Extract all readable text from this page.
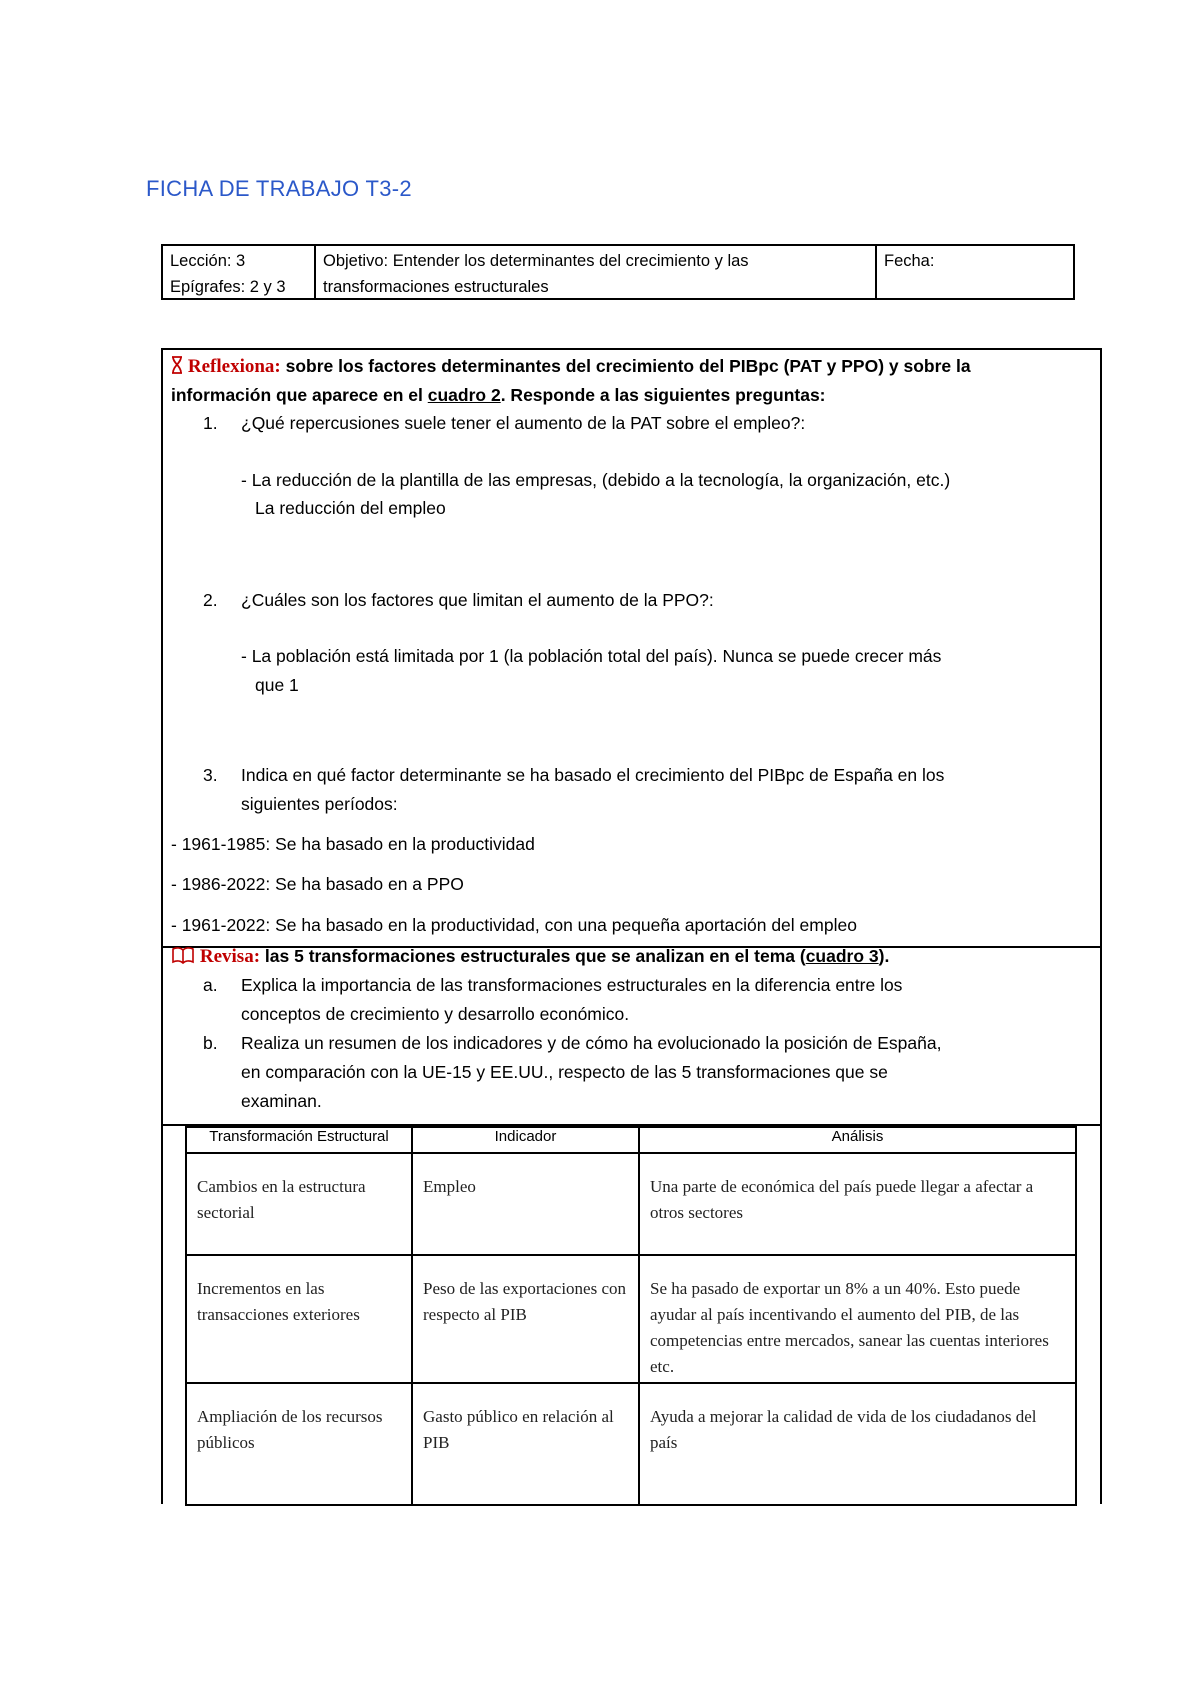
FICHA DE TRABAJO T3-2
Lección: 3
Epígrafes: 2 y 3
Objetivo: Entender los determinantes del crecimiento y las
transformaciones estructurales
Fecha:
Reflexiona: sobre los factores determinantes del crecimiento del PIBpc (PAT y PPO) y sobre la
información que aparece en el cuadro 2. Responde a las siguientes preguntas:
1. ¿Qué repercusiones suele tener el aumento de la PAT sobre el empleo?:
- La reducción de la plantilla de las empresas, (debido a la tecnología, la organización, etc.)
La reducción del empleo
2. ¿Cuáles son los factores que limitan el aumento de la PPO?:
- La población está limitada por 1 (la población total del país). Nunca se puede crecer más
que 1
3. Indica en qué factor determinante se ha basado el crecimiento del PIBpc de España en los
siguientes períodos:
- 1961-1985: Se ha basado en la productividad
- 1986-2022: Se ha basado en a PPO
- 1961-2022: Se ha basado en la productividad, con una pequeña aportación del empleo
Revisa: las 5 transformaciones estructurales que se analizan en el tema (cuadro 3).
a. Explica la importancia de las transformaciones estructurales en la diferencia entre los
conceptos de crecimiento y desarrollo económico.
b. Realiza un resumen de los indicadores y de cómo ha evolucionado la posición de España,
en comparación con la UE-15 y EE.UU., respecto de las 5 transformaciones que se
examinan.
Transformación Estructural	Indicador	Análisis
Cambios en la estructura sectorial	Empleo	Una parte de económica del país puede llegar a afectar a otros sectores
Incrementos en las transacciones exteriores	Peso de las exportaciones con respecto al PIB	Se ha pasado de exportar un 8% a un 40%. Esto puede ayudar al país incentivando el aumento del PIB, de las competencias entre mercados, sanear las cuentas interiores etc.
Ampliación de los recursos públicos	Gasto público en relación al PIB	Ayuda a mejorar la calidad de vida de los ciudadanos del país
